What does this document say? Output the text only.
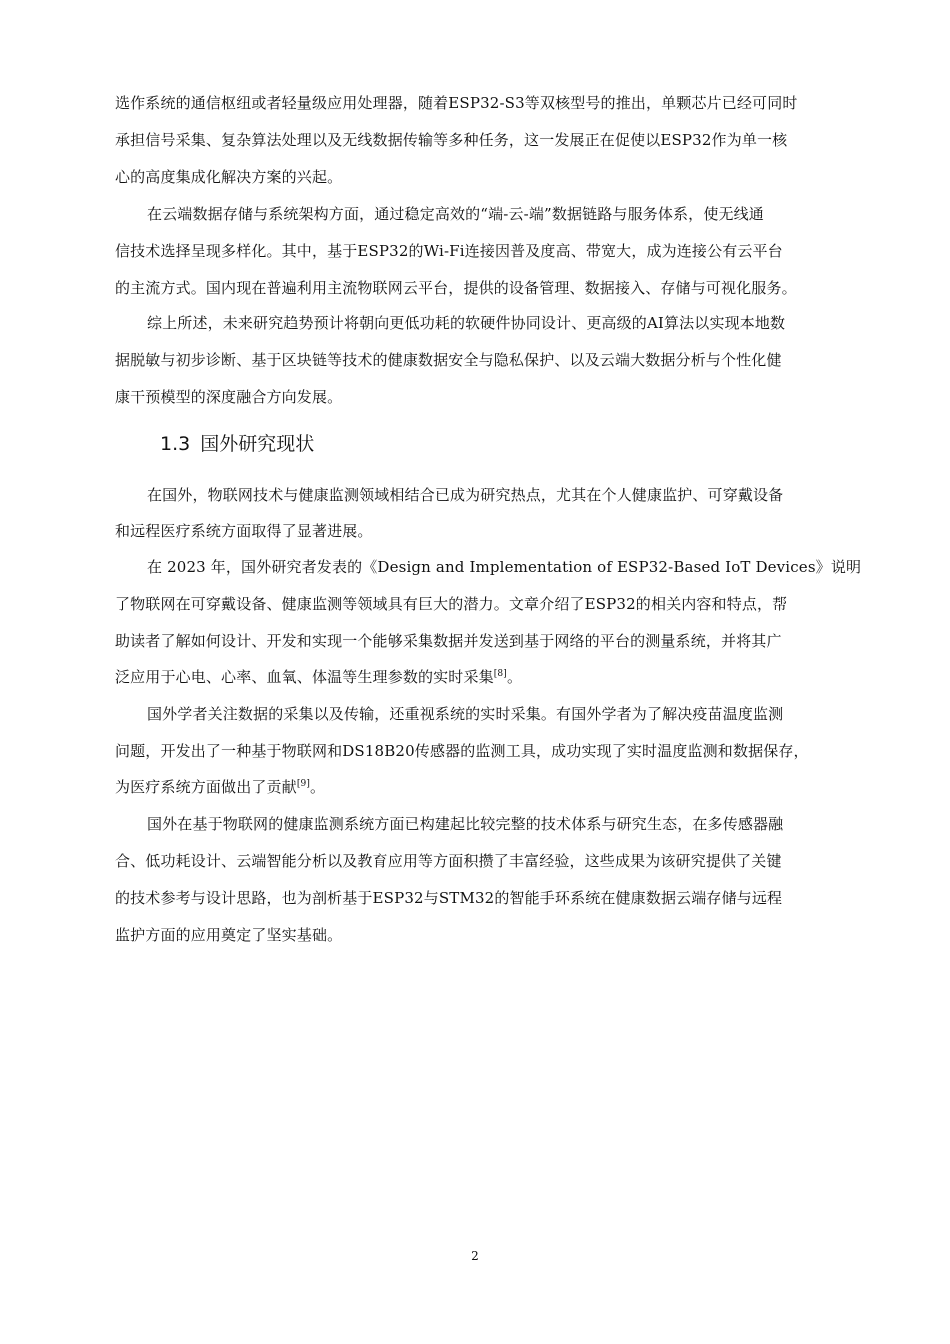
选作系统的通信枢纽或者轻量级应用处理器，随着ESP32-S3等双核型号的推出，单颗芯片已经可同时
承担信号采集、复杂算法处理以及无线数据传输等多种任务，这一发展正在促使以ESP32作为单一核
心的高度集成化解决方案的兴起。
在云端数据存储与系统架构方面，通过稳定高效的“端-云-端”数据链路与服务体系，使无线通
信技术选择呈现多样化。其中，基于ESP32的Wi-Fi连接因普及度高、带宽大，成为连接公有云平台
的主流方式。国内现在普遍利用主流物联网云平台，提供的设备管理、数据接入、存储与可视化服务。
综上所述，未来研究趋势预计将朝向更低功耗的软硬件协同设计、更高级的AI算法以实现本地数
据脱敏与初步诊断、基于区块链等技术的健康数据安全与隐私保护、以及云端大数据分析与个性化健
康干预模型的深度融合方向发展。
1.3 国外研究现状
在国外，物联网技术与健康监测领域相结合已成为研究热点，尤其在个人健康监护、可穿戴设备
和远程医疗系统方面取得了显著进展。
在 2023 年，国外研究者发表的《Design and Implementation of ESP32-Based IoT Devices》说明
了物联网在可穿戴设备、健康监测等领域具有巨大的潜力。文章介绍了ESP32的相关内容和特点，帮
助读者了解如何设计、开发和实现一个能够采集数据并发送到基于网络的平台的测量系统，并将其广
泛应用于心电、心率、血氧、体温等生理参数的实时采集[8]。
国外学者关注数据的采集以及传输，还重视系统的实时采集。有国外学者为了解决疫苗温度监测
问题，开发出了一种基于物联网和DS18B20传感器的监测工具，成功实现了实时温度监测和数据保存，
为医疗系统方面做出了贡献[9]。
国外在基于物联网的健康监测系统方面已构建起比较完整的技术体系与研究生态，在多传感器融
合、低功耗设计、云端智能分析以及教育应用等方面积攒了丰富经验，这些成果为该研究提供了关键
的技术参考与设计思路，也为剖析基于ESP32与STM32的智能手环系统在健康数据云端存储与远程
监护方面的应用奠定了坚实基础。
2
